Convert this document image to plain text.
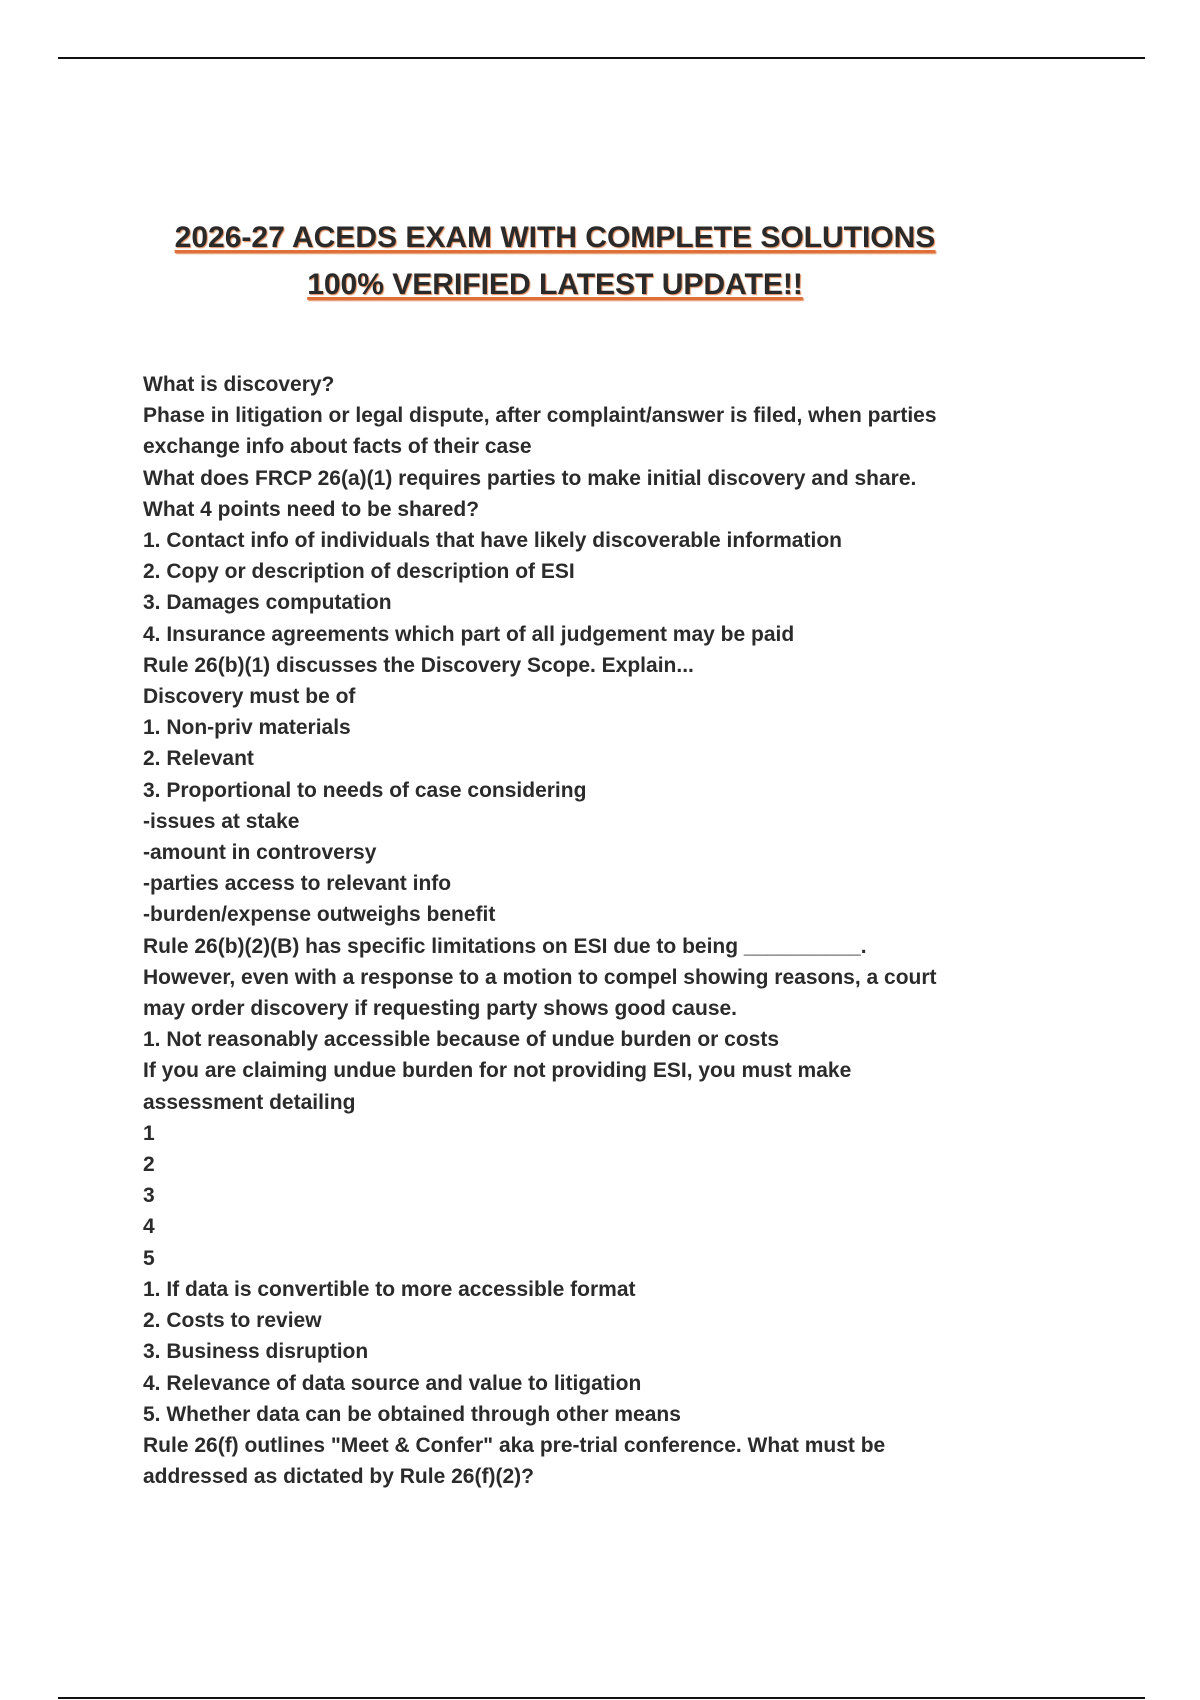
2026-27 ACEDS EXAM WITH COMPLETE SOLUTIONS
100% VERIFIED LATEST UPDATE!!
What is discovery?
Phase in litigation or legal dispute, after complaint/answer is filed, when parties
exchange info about facts of their case
What does FRCP 26(a)(1) requires parties to make initial discovery and share.
What 4 points need to be shared?
1. Contact info of individuals that have likely discoverable information
2. Copy or description of description of ESI
3. Damages computation
4. Insurance agreements which part of all judgement may be paid
Rule 26(b)(1) discusses the Discovery Scope. Explain...
Discovery must be of
1. Non-priv materials
2. Relevant
3. Proportional to needs of case considering
-issues at stake
-amount in controversy
-parties access to relevant info
-burden/expense outweighs benefit
Rule 26(b)(2)(B) has specific limitations on ESI due to being __________.
However, even with a response to a motion to compel showing reasons, a court
may order discovery if requesting party shows good cause.
1. Not reasonably accessible because of undue burden or costs
If you are claiming undue burden for not providing ESI, you must make
assessment detailing
1
2
3
4
5
1. If data is convertible to more accessible format
2. Costs to review
3. Business disruption
4. Relevance of data source and value to litigation
5. Whether data can be obtained through other means
Rule 26(f) outlines "Meet & Confer" aka pre-trial conference. What must be
addressed as dictated by Rule 26(f)(2)?
